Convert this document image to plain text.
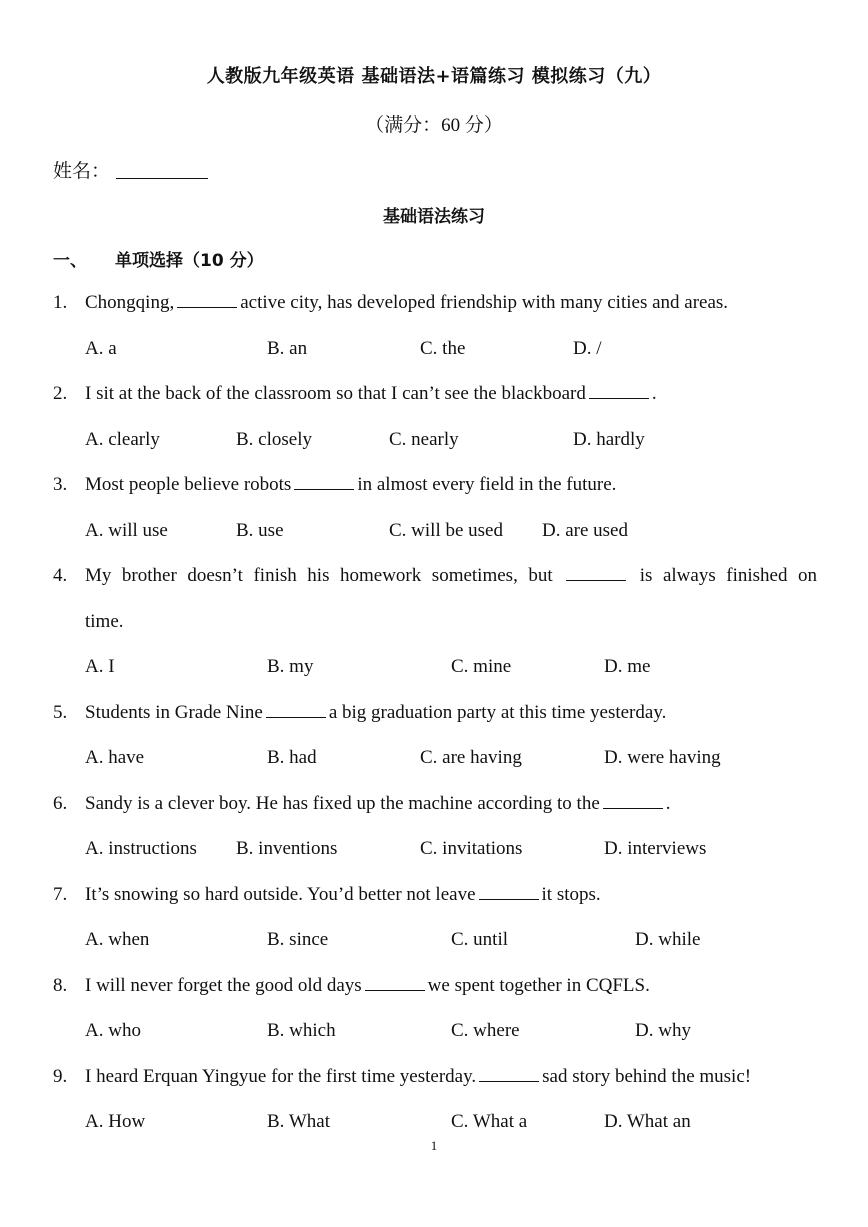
人教版九年级英语 基础语法+语篇练习 模拟练习（九）
（满分：60 分）
姓名：
基础语法练习
一、 单项选择（10 分）
1. Chongqing,	active city, has developed friendship with many cities and areas.
A. a	B. an	C. the	D. /
2. I sit at the back of the classroom so that I can’t see the blackboard	.
A. clearly	B. closely	C. nearly	D. hardly
3. Most people believe robots	in almost every field in the future.
A. will use	B. use	C. will be used D. are used
4. My brother doesn’t finish his homework sometimes, but	is always finished on
time.
A. I	B. my	C. mine	D. me
5. Students in Grade Nine	a big graduation party at this time yesterday.
A. have	B. had	C. are having	D. were having
6. Sandy is a clever boy. He has fixed up the machine according to the	.
A. instructions B. inventions	C. invitations	D. interviews
7. It’s snowing so hard outside. You’d better not leave	it stops.
A. when	B. since	C. until	D. while
8. I will never forget the good old days	we spent together in CQFLS.
A. who	B. which	C. where	D. why
9. I heard Erquan Yingyue for the first time yesterday.	sad story behind the music!
A. How	B. What	C. What a	D. What an
1
